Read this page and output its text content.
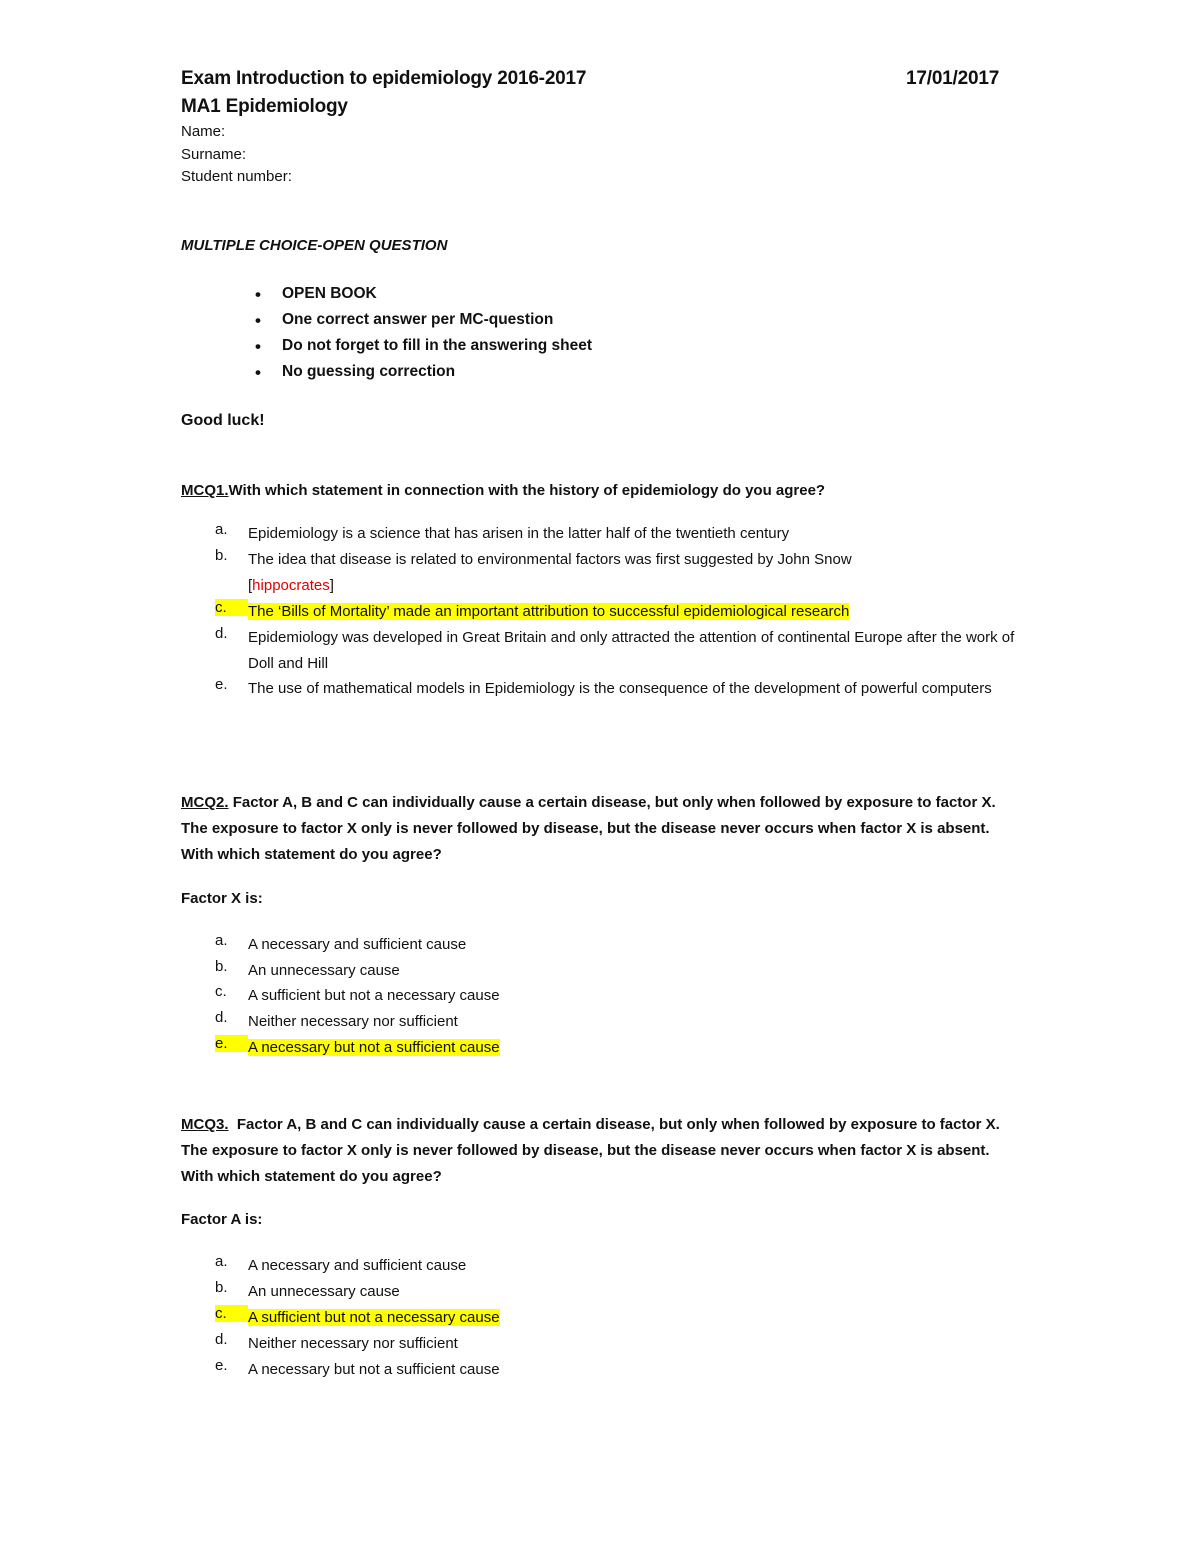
Exam Introduction to epidemiology 2016-2017	17/01/2017
MA1 Epidemiology
Name:
Surname:
Student number:
MULTIPLE CHOICE-OPEN QUESTION
• OPEN BOOK
• One correct answer per MC-question
• Do not forget to fill in the answering sheet
• No guessing correction
Good luck!
MCQ1.With which statement in connection with the history of epidemiology do you agree?
a.	Epidemiology is a science that has arisen in the latter half of the twentieth century
b.	The idea that disease is related to environmental factors was first suggested by John Snow
[hippocrates]
c.	The ‘Bills of Mortality’ made an important attribution to successful epidemiological research
d.	Epidemiology was developed in Great Britain and only attracted the attention of continental Europe after the work of Doll and Hill
e.	The use of mathematical models in Epidemiology is the consequence of the development of powerful computers
MCQ2. Factor A, B and C can individually cause a certain disease, but only when followed by exposure to factor X. The exposure to factor X only is never followed by disease, but the disease never occurs when factor X is absent. With which statement do you agree?
Factor X is:
a.	A necessary and sufficient cause
b.	An unnecessary cause
c.	A sufficient but not a necessary cause
d.	Neither necessary nor sufficient
e.	A necessary but not a sufficient cause
MCQ3. Factor A, B and C can individually cause a certain disease, but only when followed by exposure to factor X. The exposure to factor X only is never followed by disease, but the disease never occurs when factor X is absent. With which statement do you agree?
Factor A is:
a.	A necessary and sufficient cause
b.	An unnecessary cause
c.	A sufficient but not a necessary cause
d.	Neither necessary nor sufficient
e.	A necessary but not a sufficient cause
